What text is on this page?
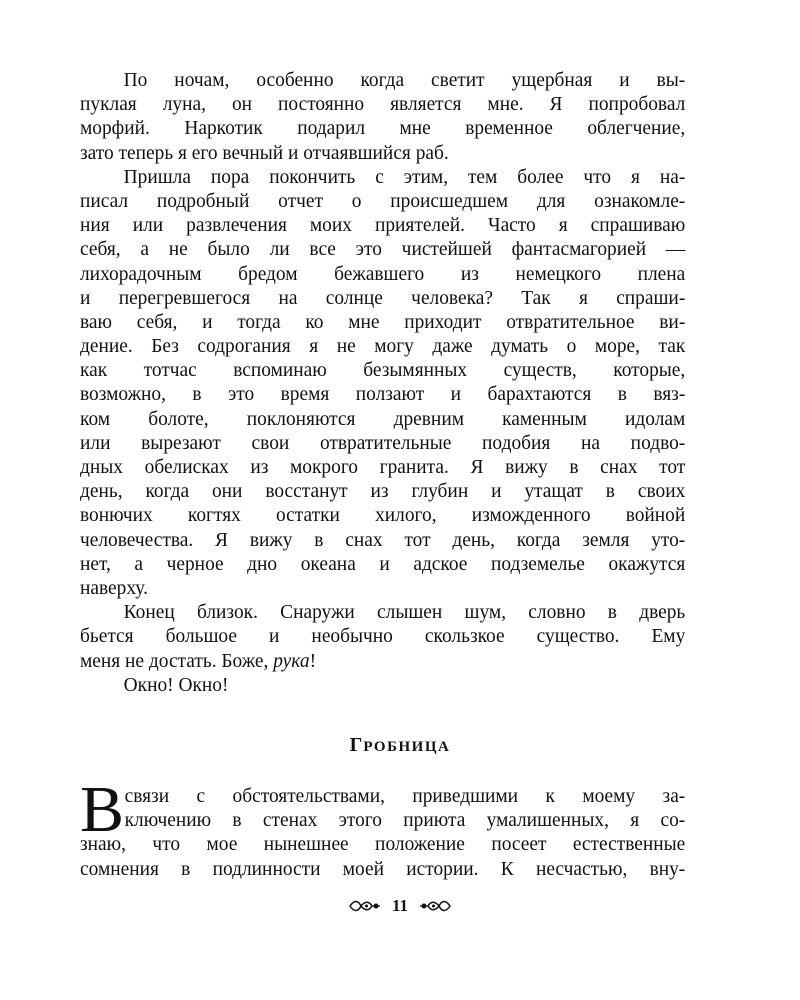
По ночам, особенно когда светит ущербная и вы-
пуклая луна, он постоянно является мне. Я попробовал
морфий. Наркотик подарил мне временное облегчение,
зато теперь я его вечный и отчаявшийся раб.
Пришла пора покончить с этим, тем более что я на-
писал подробный отчет о происшедшем для ознакомле-
ния или развлечения моих приятелей. Часто я спрашиваю
себя, а не было ли все это чистейшей фантасмагорией —
лихорадочным бредом бежавшего из немецкого плена
и перегревшегося на солнце человека? Так я спраши-
ваю себя, и тогда ко мне приходит отвратительное ви-
дение. Без содрогания я не могу даже думать о море, так
как тотчас вспоминаю безымянных существ, которые,
возможно, в это время ползают и барахтаются в вяз-
ком болоте, поклоняются древним каменным идолам
или вырезают свои отвратительные подобия на подво-
дных обелисках из мокрого гранита. Я вижу в снах тот
день, когда они восстанут из глубин и утащат в своих
вонючих когтях остатки хилого, изможденного войной
человечества. Я вижу в снах тот день, когда земля уто-
нет, а черное дно океана и адское подземелье окажутся
наверху.
Конец близок. Снаружи слышен шум, словно в дверь
бьется большое и необычно скользкое существо. Ему
меня не достать. Боже, рука!
Окно! Окно!
ГРОБНИЦА
В связи с обстоятельствами, приведшими к моему за-
ключению в стенах этого приюта умалишенных, я со-
знаю, что мое нынешнее положение посеет естественные
сомнения в подлинности моей истории. К несчастью, вну-
11
